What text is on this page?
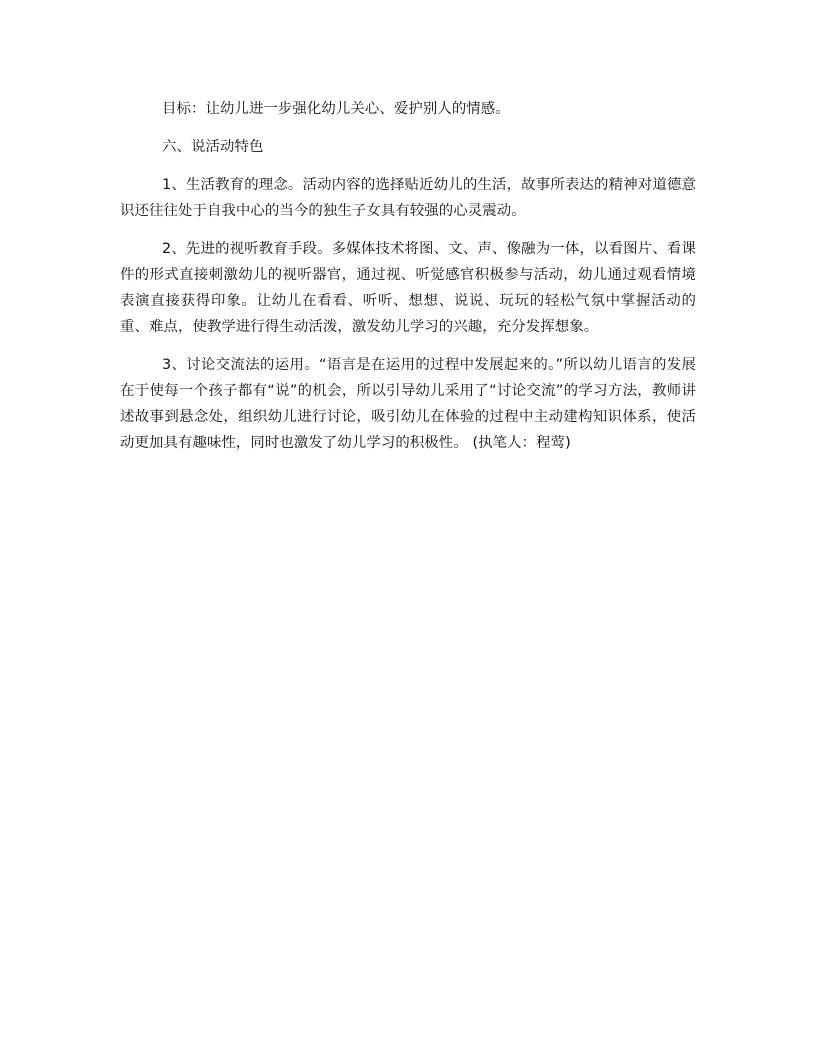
目标：让幼儿进一步强化幼儿关心、爱护别人的情感。

六、说活动特色

1、生活教育的理念。活动内容的选择贴近幼儿的生活，故事所表达的精神对道德意识还往往处于自我中心的当今的独生子女具有较强的心灵震动。

2、先进的视听教育手段。多媒体技术将图、文、声、像融为一体，以看图片、看课件的形式直接刺激幼儿的视听器官，通过视、听觉感官积极参与活动，幼儿通过观看情境表演直接获得印象。让幼儿在看看、听听、想想、说说、玩玩的轻松气氛中掌握活动的重、难点，使教学进行得生动活泼，激发幼儿学习的兴趣，充分发挥想象。

3、讨论交流法的运用。“语言是在运用的过程中发展起来的。”所以幼儿语言的发展在于使每一个孩子都有“说”的机会，所以引导幼儿采用了“讨论交流”的学习方法，教师讲述故事到悬念处，组织幼儿进行讨论，吸引幼儿在体验的过程中主动建构知识体系，使活动更加具有趣味性，同时也激发了幼儿学习的积极性。 (执笔人：程莺)
